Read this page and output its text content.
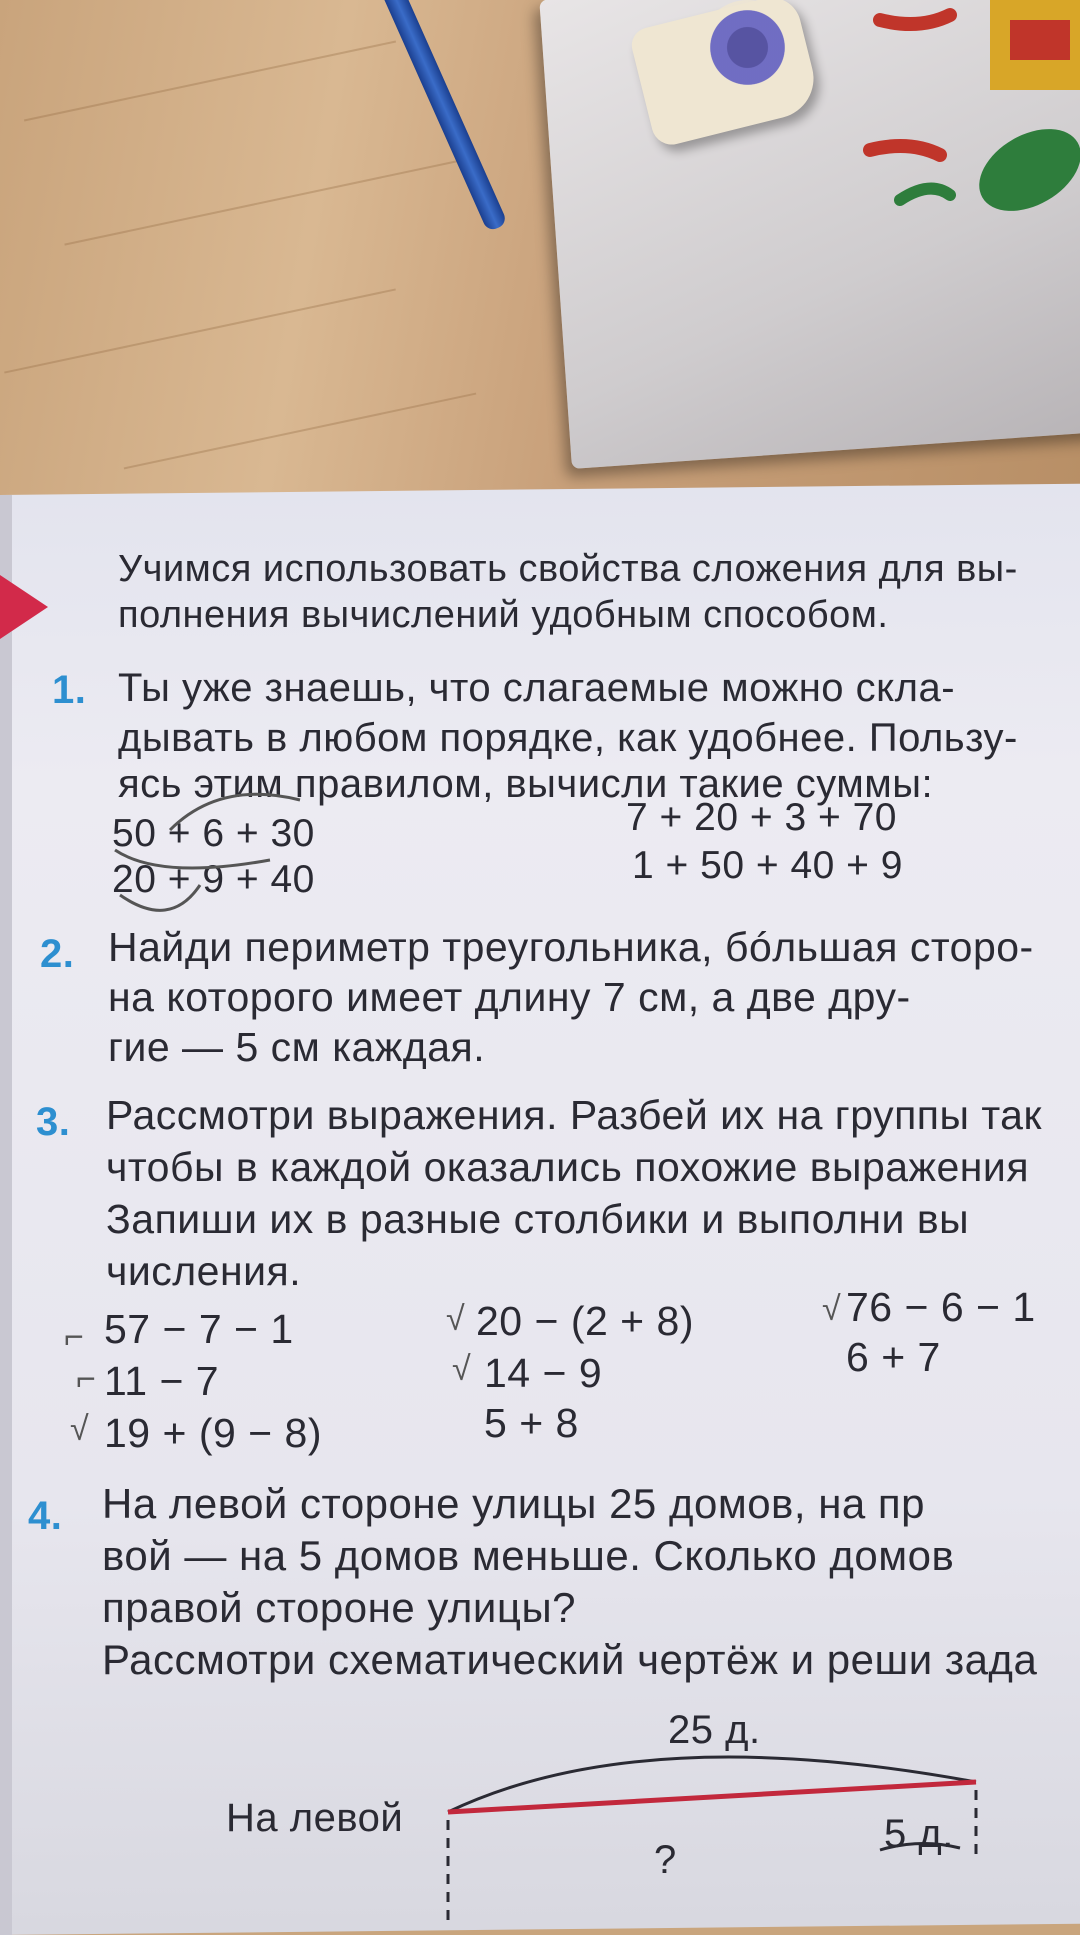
Учимся использовать свойства сложения для вы-
полнения вычислений удобным способом.
1. Ты уже знаешь, что слагаемые можно скла-
дывать в любом порядке, как удобнее. Пользу-
ясь этим правилом, вычисли такие суммы:
50 + 6 + 30
20 + 9 + 40
7 + 20 + 3 + 70
1 + 50 + 40 + 9
2. Найди периметр треугольника, бóльшая сторо-
на которого имеет длину 7 см, а две дру-
гие — 5 см каждая.
3. Рассмотри выражения. Разбей их на группы так
чтобы в каждой оказались похожие выражения
Запиши их в разные столбики и выполни вы
числения.
⌐ 57 − 7 − 1
⌐ 11 − 7
√ 19 + (9 − 8)
√ 20 − (2 + 8)
√ 14 − 9
5 + 8
√ 76 − 6 − 1
6 + 7
4. На левой стороне улицы 25 домов, на пр
вой — на 5 домов меньше. Сколько домов
правой стороне улицы?
Рассмотри схематический чертёж и реши зада
25 д.
На левой
?
5 д.
